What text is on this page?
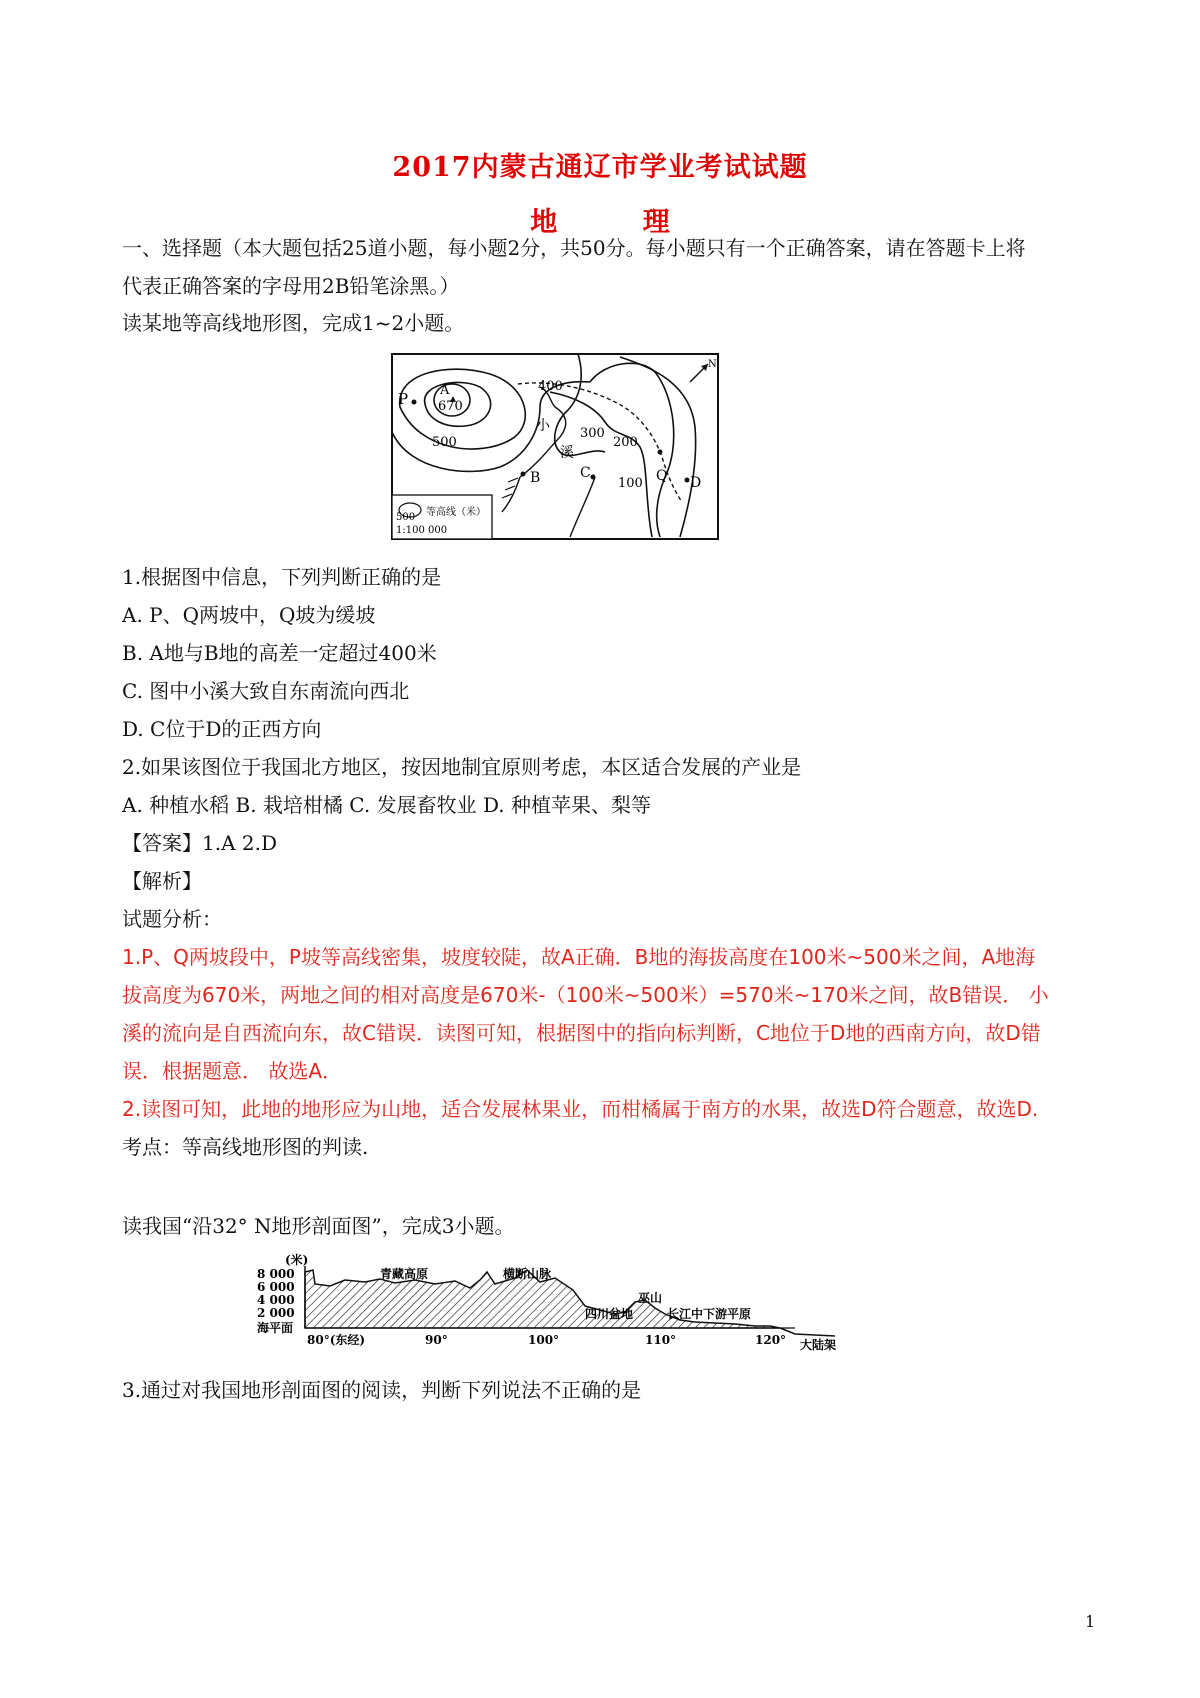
2017内蒙古通辽市学业考试试题
地 理
一、选择题（本大题包括25道小题，每小题2分，共50分。每小题只有一个正确答案，请在答题卡上将
代表正确答案的字母用2B铅笔涂黑。）
读某地等高线地形图，完成1~2小题。
P A
670
500
400
300
200
100
小
溪
B	C	Q D
N
500 等高线（米）
1:100 000
1.根据图中信息，下列判断正确的是
A. P、Q两坡中，Q坡为缓坡
B. A地与B地的高差一定超过400米
C. 图中小溪大致自东南流向西北
D. C位于D的正西方向
2.如果该图位于我国北方地区，按因地制宜原则考虑，本区适合发展的产业是
A. 种植水稻 B. 栽培柑橘 C. 发展畜牧业 D. 种植苹果、梨等
【答案】1.A 2.D
【解析】
试题分析：
1.P、Q两坡段中，P坡等高线密集，坡度较陡，故A正确．B地的海拔高度在100米~500米之间，A地海
拔高度为670米，两地之间的相对高度是670米-（100米~500米）=570米~170米之间，故B错误． 小
溪的流向是自西流向东，故C错误．读图可知，根据图中的指向标判断，C地位于D地的西南方向，故D错
误．根据题意． 故选A．
2.读图可知，此地的地形应为山地，适合发展林果业，而柑橘属于南方的水果，故选D符合题意，故选D.
考点：等高线地形图的判读.
读我国“沿32° N地形剖面图”，完成3小题。
(米)
8 000
6 000
4 000
2 000
海平面
青藏高原	横断山脉
四川盆地
巫山
长江中下游平原
80°(东经)	90°	100°	110°	120° 大陆架
3.通过对我国地形剖面图的阅读，判断下列说法不正确的是
1
